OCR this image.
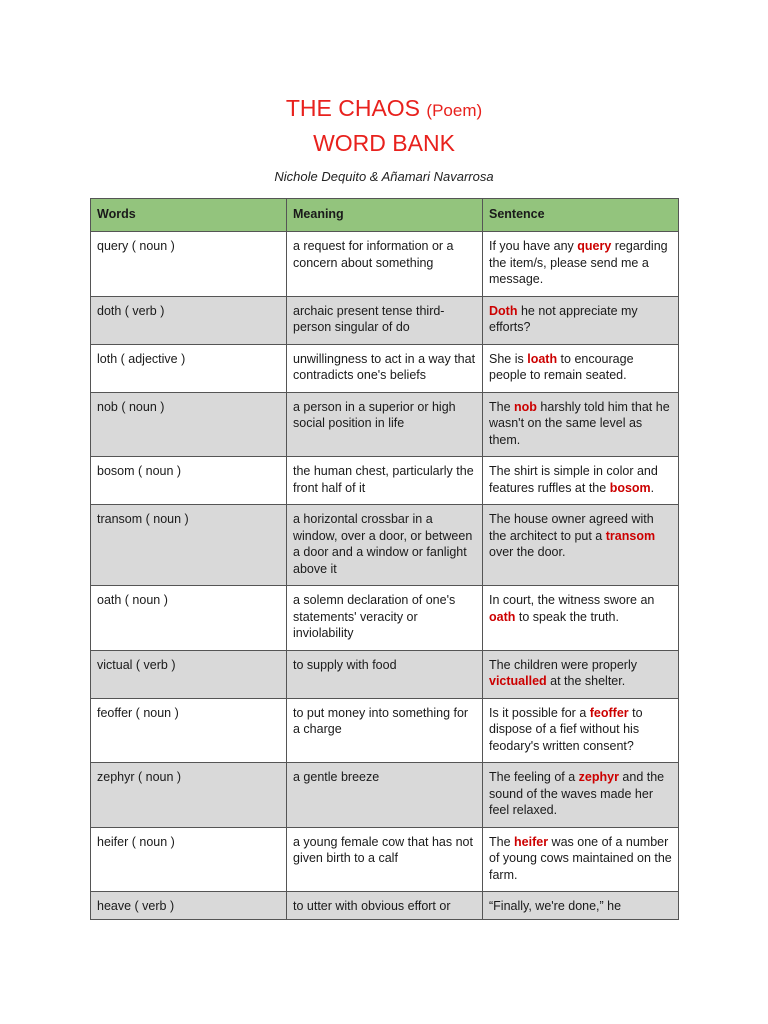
THE CHAOS (Poem)
WORD BANK
Nichole Dequito & Añamari Navarrosa
Words	Meaning	Sentence
query ( noun )	a request for information or a concern about something	If you have any query regarding the item/s, please send me a message.
doth ( verb )	archaic present tense third-person singular of do	Doth he not appreciate my efforts?
loth ( adjective )	unwillingness to act in a way that contradicts one's beliefs	She is loath to encourage people to remain seated.
nob ( noun )	a person in a superior or high social position in life	The nob harshly told him that he wasn't on the same level as them.
bosom ( noun )	the human chest, particularly the front half of it	The shirt is simple in color and features ruffles at the bosom.
transom ( noun )	a horizontal crossbar in a window, over a door, or between a door and a window or fanlight above it	The house owner agreed with the architect to put a transom over the door.
oath ( noun )	a solemn declaration of one's statements' veracity or inviolability	In court, the witness swore an oath to speak the truth.
victual ( verb )	to supply with food	The children were properly victualled at the shelter.
feoffer ( noun )	to put money into something for a charge	Is it possible for a feoffer to dispose of a fief without his feodary's written consent?
zephyr ( noun )	a gentle breeze	The feeling of a zephyr and the sound of the waves made her feel relaxed.
heifer ( noun )	a young female cow that has not given birth to a calf	The heifer was one of a number of young cows maintained on the farm.
heave ( verb )	to utter with obvious effort or	“Finally, we're done,” he
